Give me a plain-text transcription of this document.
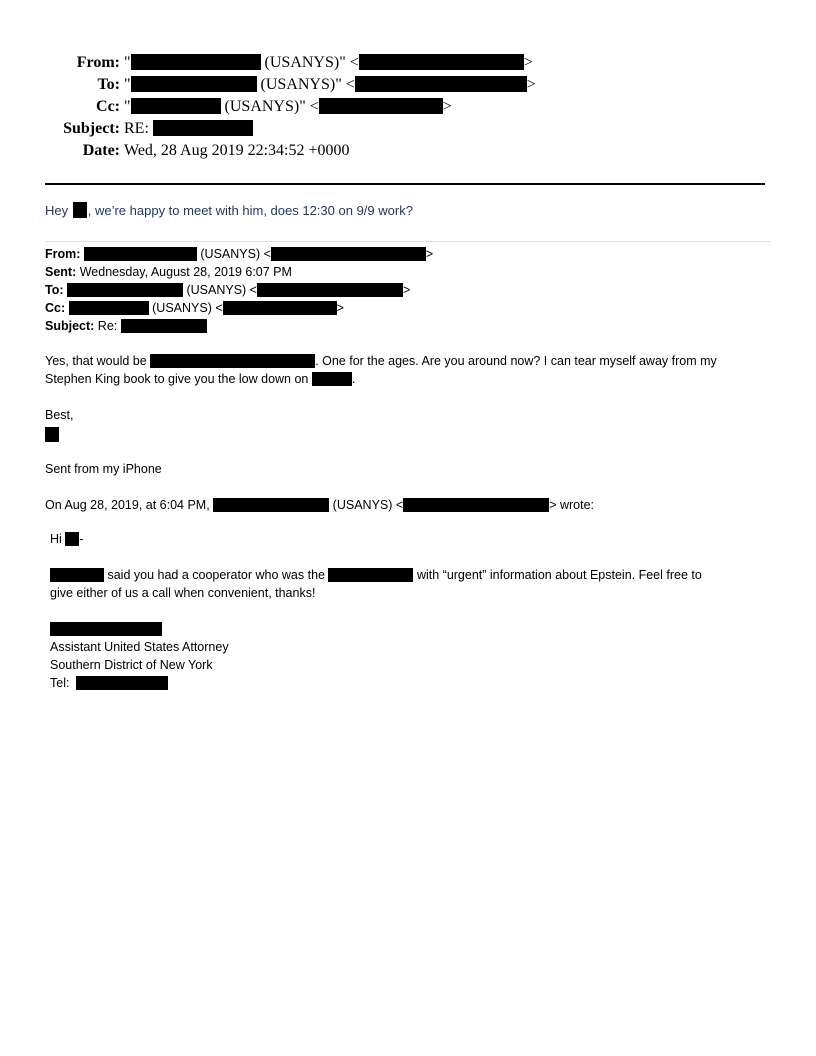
From: "	(USANYS)" <	>
To: "	(USANYS)" <	>
Cc: "	(USANYS)" <	>
Subject: RE:
Date: Wed, 28 Aug 2019 22:34:52 +0000
Hey , we’re happy to meet with him, does 12:30 on 9/9 work?
From:	(USANYS) <	>
Sent: Wednesday, August 28, 2019 6:07 PM
To:	(USANYS) <	>
Cc:	(USANYS) <	>
Subject: Re:
Yes, that would be	. One for the ages. Are you around now? I can tear myself away from my
Stephen King book to give you the low down on	.
Best,
Sent from my iPhone
On Aug 28, 2019, at 6:04 PM,	(USANYS) <	> wrote:
Hi -
said you had a cooperator who was the	with “urgent” information about Epstein. Feel free to
give either of us a call when convenient, thanks!
Assistant United States Attorney
Southern District of New York
Tel:
